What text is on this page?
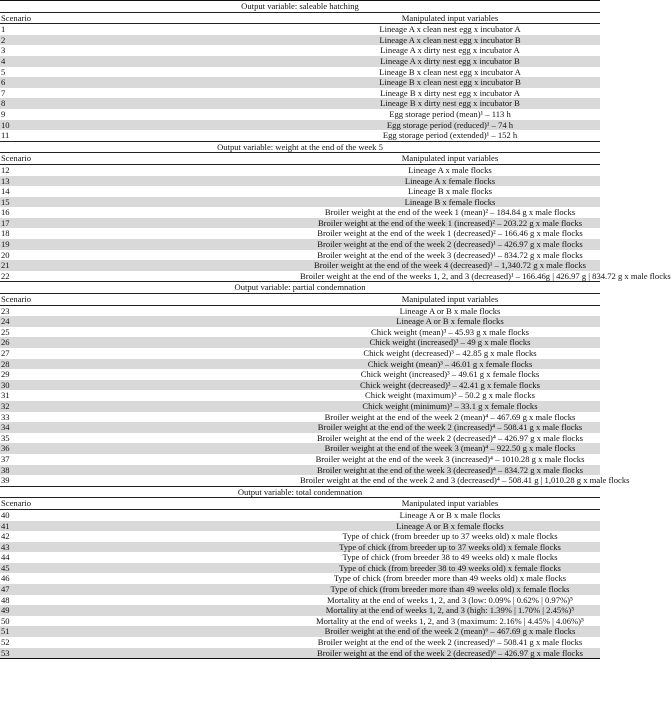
Output variable: saleable hatching	
Scenario	Manipulated input variables
1	Lineage A x clean nest egg x incubator A
2	Lineage A x clean nest egg x incubator B
3	Lineage A x dirty nest egg x incubator A
4	Lineage A x dirty nest egg x incubator B
5	Lineage B x clean nest egg x incubator A
6	Lineage B x clean nest egg x incubator B
7	Lineage B x dirty nest egg x incubator A
8	Lineage B x dirty nest egg x incubator B
9	Egg storage period (mean)¹ – 113 h
10	Egg storage period (reduced)¹ – 74 h
11	Egg storage period (extended)¹ – 152 h
Output variable: weight at the end of the week 5	
Scenario	Manipulated input variables
12	Lineage A x male flocks
13	Lineage A x female flocks
14	Lineage B x male flocks
15	Lineage B x female flocks
16	Broiler weight at the end of the week 1 (mean)² – 184.84 g x male flocks
17	Broiler weight at the end of the week 1 (increased)² – 203.22 g x male flocks
18	Broiler weight at the end of the week 1 (decreased)² – 166.46 g x male flocks
19	Broiler weight at the end of the week 2 (decreased)¹ – 426.97 g x male flocks
20	Broiler weight at the end of the week 3 (decreased)¹ – 834.72 g x male flocks
21	Broiler weight at the end of the week 4 (decreased)¹ – 1,340.72 g x male flocks
22	Broiler weight at the end of the weeks 1, 2, and 3 (decreased)¹ – 166.46g | 426.97 g | 834.72 g x male flocks
Output variable: partial condemnation	
Scenario	Manipulated input variables
23	Lineage A or B x male flocks
24	Lineage A or B x female flocks
25	Chick weight (mean)³ – 45.93 g x male flocks
26	Chick weight (increased)³ – 49 g x male flocks
27	Chick weight (decreased)³ – 42.85 g x male flocks
28	Chick weight (mean)³ – 46.01 g x female flocks
29	Chick weight (increased)³ – 49.61 g x female flocks
30	Chick weight (decreased)³ – 42.41 g x female flocks
31	Chick weight (maximum)³ – 50.2 g x male flocks
32	Chick weight (minimum)³ – 33.1 g x female flocks
33	Broiler weight at the end of the week 2 (mean)⁴ – 467.69 g x male flocks
34	Broiler weight at the end of the week 2 (increased)⁴ – 508.41 g x male flocks
35	Broiler weight at the end of the week 2 (decreased)⁴ – 426.97 g x male flocks
36	Broiler weight at the end of the week 3 (mean)⁴ – 922.50 g x male flocks
37	Broiler weight at the end of the week 3 (increased)⁴ – 1010.28 g x male flocks
38	Broiler weight at the end of the week 3 (decreased)⁴ – 834.72 g x male flocks
39	Broiler weight at the end of the week 2 and 3 (decreased)⁴ – 508.41 g | 1,010.28 g x male flocks
Output variable: total condemnation	
Scenario	Manipulated input variables
40	Lineage A or B x male flocks
41	Lineage A or B x female flocks
42	Type of chick (from breeder up to 37 weeks old) x male flocks
43	Type of chick (from breeder up to 37 weeks old) x female flocks
44	Type of chick (from breeder 38 to 49 weeks old) x male flocks
45	Type of chick (from breeder 38 to 49 weeks old) x female flocks
46	Type of chick (from breeder more than 49 weeks old) x male flocks
47	Type of chick (from breeder more than 49 weeks old) x female flocks
48	Mortality at the end of weeks 1, 2, and 3 (low: 0.09% | 0.62% | 0.97%)⁵
49	Mortality at the end of weeks 1, 2, and 3 (high: 1.39% | 1.70% | 2.45%)⁵
50	Mortality at the end of weeks 1, 2, and 3 (maximum: 2.16% | 4.45% | 4.06%)⁵
51	Broiler weight at the end of the week 2 (mean)⁶ – 467.69 g x male flocks
52	Broiler weight at the end of the week 2 (increased)⁶ – 508.41 g x male flocks
53	Broiler weight at the end of the week 2 (decreased)⁶ – 426.97 g x male flocks
